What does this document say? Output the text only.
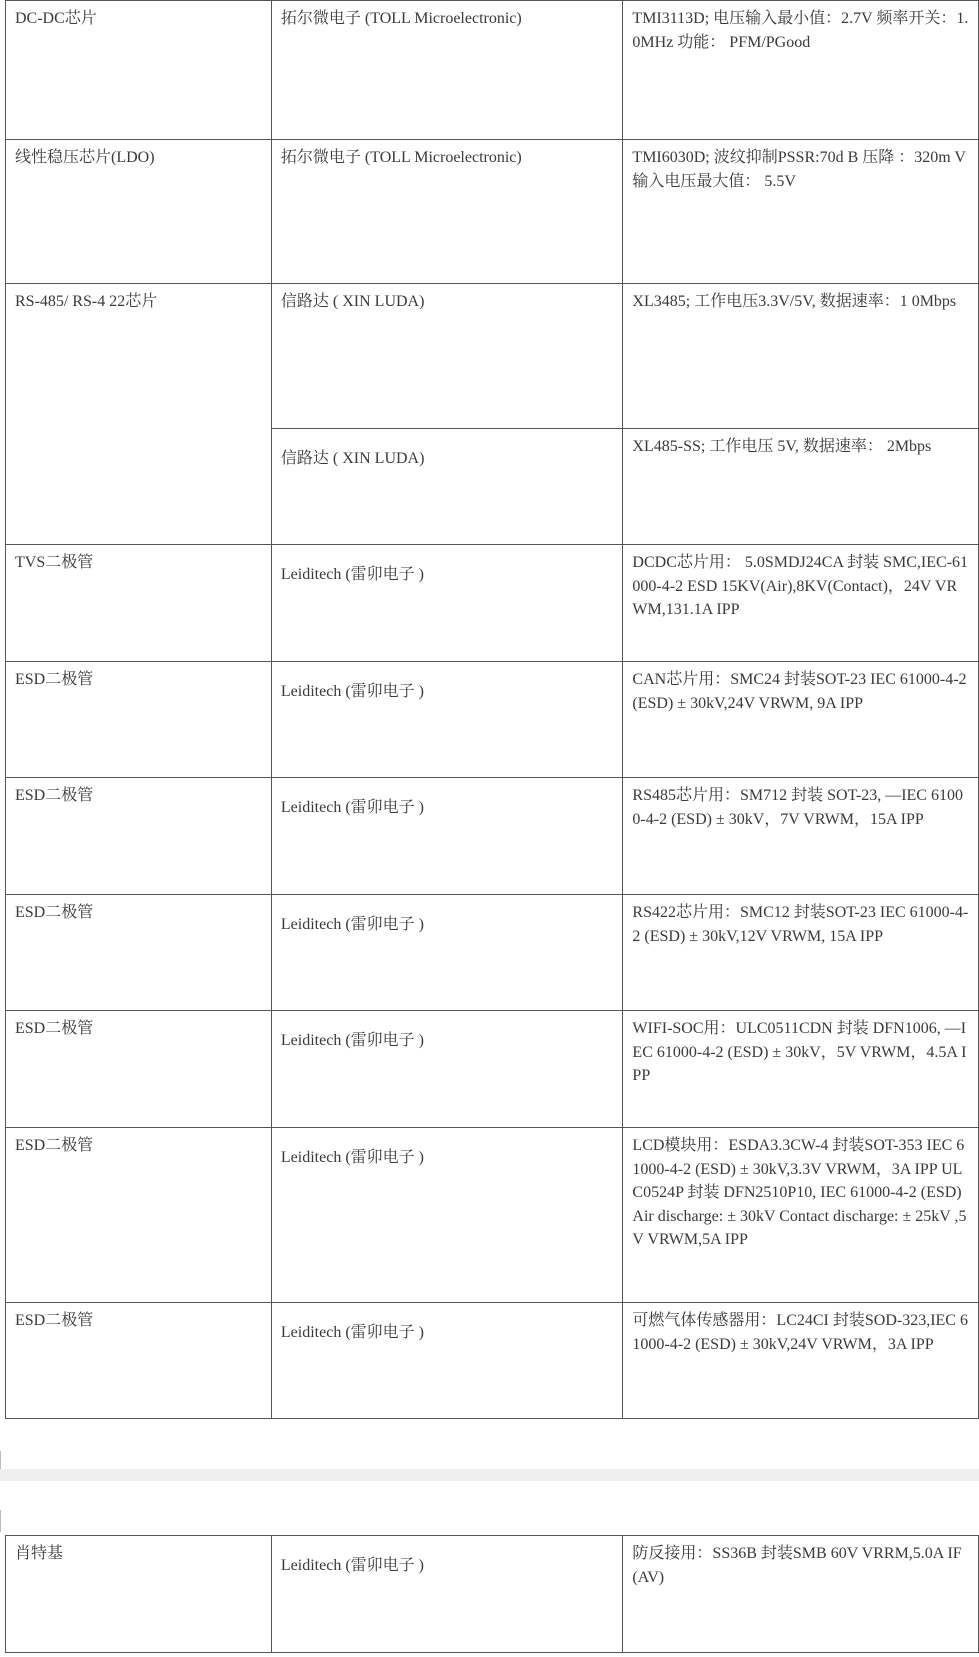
DC-DC芯片	拓尔微电子 (TOLL Microelectronic)	TMI3113D; 电压输入最小值：2.7V 频率开关：1.0MHz 功能： PFM/PGood
线性稳压芯片(LDO)	拓尔微电子 (TOLL Microelectronic)	TMI6030D; 波纹抑制PSSR:70d B 压降 ：320m V 输入电压最大值： 5.5V
RS-485/ RS-4 22芯片	信路达 ( XIN LUDA)	XL3485; 工作电压3.3V/5V, 数据速率：1 0Mbps
	信路达 ( XIN LUDA)	XL485-SS; 工作电压 5V, 数据速率： 2Mbps
TVS二极管	Leiditech (雷卯电子 )	DCDC芯片用： 5.0SMDJ24CA 封装 SMC,IEC-61000-4-2 ESD 15KV(Air),8KV(Contact)，24V VRWM,131.1A IPP
ESD二极管	Leiditech (雷卯电子 )	CAN芯片用：SMC24 封装SOT-23 IEC 61000-4-2 (ESD) ± 30kV,24V VRWM, 9A IPP
ESD二极管	Leiditech (雷卯电子 )	RS485芯片用：SM712 封装 SOT-23, —IEC 61000-4-2 (ESD) ± 30kV，7V VRWM，15A IPP
ESD二极管	Leiditech (雷卯电子 )	RS422芯片用：SMC12 封装SOT-23 IEC 61000-4-2 (ESD) ± 30kV,12V VRWM, 15A IPP
ESD二极管	Leiditech (雷卯电子 )	WIFI-SOC用：ULC0511CDN 封装 DFN1006, —IEC 61000-4-2 (ESD) ± 30kV，5V VRWM，4.5A IPP
ESD二极管	Leiditech (雷卯电子 )	LCD模块用：ESDA3.3CW-4 封装SOT-353 IEC 61000-4-2 (ESD) ± 30kV,3.3V VRWM，3A IPP ULC0524P 封装 DFN2510P10, IEC 61000-4-2 (ESD) Air discharge: ± 30kV Contact discharge: ± 25kV ,5V VRWM,5A IPP
ESD二极管	Leiditech (雷卯电子 )	可燃气体传感器用：LC24CI 封装SOD-323,IEC 61000-4-2 (ESD) ± 30kV,24V VRWM，3A IPP
肖特基	Leiditech (雷卯电子 )	防反接用：SS36B 封装SMB 60V VRRM,5.0A IF(AV)
